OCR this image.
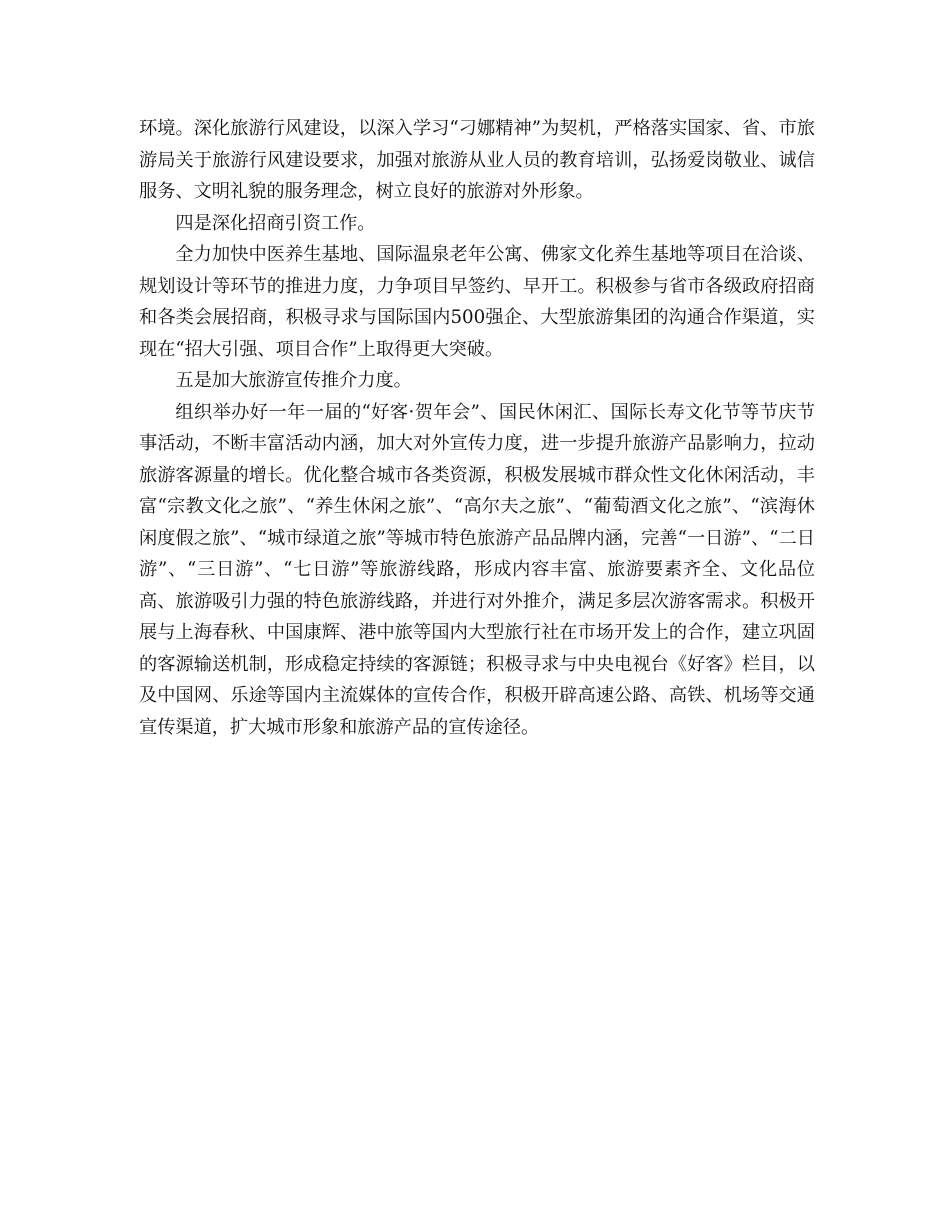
环境。深化旅游行风建设，以深入学习“刁娜精神”为契机，严格落实国家、省、市旅游局关于旅游行风建设要求，加强对旅游从业人员的教育培训，弘扬爱岗敬业、诚信服务、文明礼貌的服务理念，树立良好的旅游对外形象。

四是深化招商引资工作。

全力加快中医养生基地、国际温泉老年公寓、佛家文化养生基地等项目在洽谈、规划设计等环节的推进力度，力争项目早签约、早开工。积极参与省市各级政府招商和各类会展招商，积极寻求与国际国内500强企、大型旅游集团的沟通合作渠道，实现在“招大引强、项目合作”上取得更大突破。

五是加大旅游宣传推介力度。

组织举办好一年一届的“好客·贺年会”、国民休闲汇、国际长寿文化节等节庆节事活动，不断丰富活动内涵，加大对外宣传力度，进一步提升旅游产品影响力，拉动旅游客源量的增长。优化整合城市各类资源，积极发展城市群众性文化休闲活动，丰富“宗教文化之旅”、“养生休闲之旅”、“高尔夫之旅”、“葡萄酒文化之旅”、“滨海休闲度假之旅”、“城市绿道之旅”等城市特色旅游产品品牌内涵，完善“一日游”、“二日游”、“三日游”、“七日游”等旅游线路，形成内容丰富、旅游要素齐全、文化品位高、旅游吸引力强的特色旅游线路，并进行对外推介，满足多层次游客需求。积极开展与上海春秋、中国康辉、港中旅等国内大型旅行社在市场开发上的合作，建立巩固的客源输送机制，形成稳定持续的客源链；积极寻求与中央电视台《好客》栏目，以及中国网、乐途等国内主流媒体的宣传合作，积极开辟高速公路、高铁、机场等交通宣传渠道，扩大城市形象和旅游产品的宣传途径。
